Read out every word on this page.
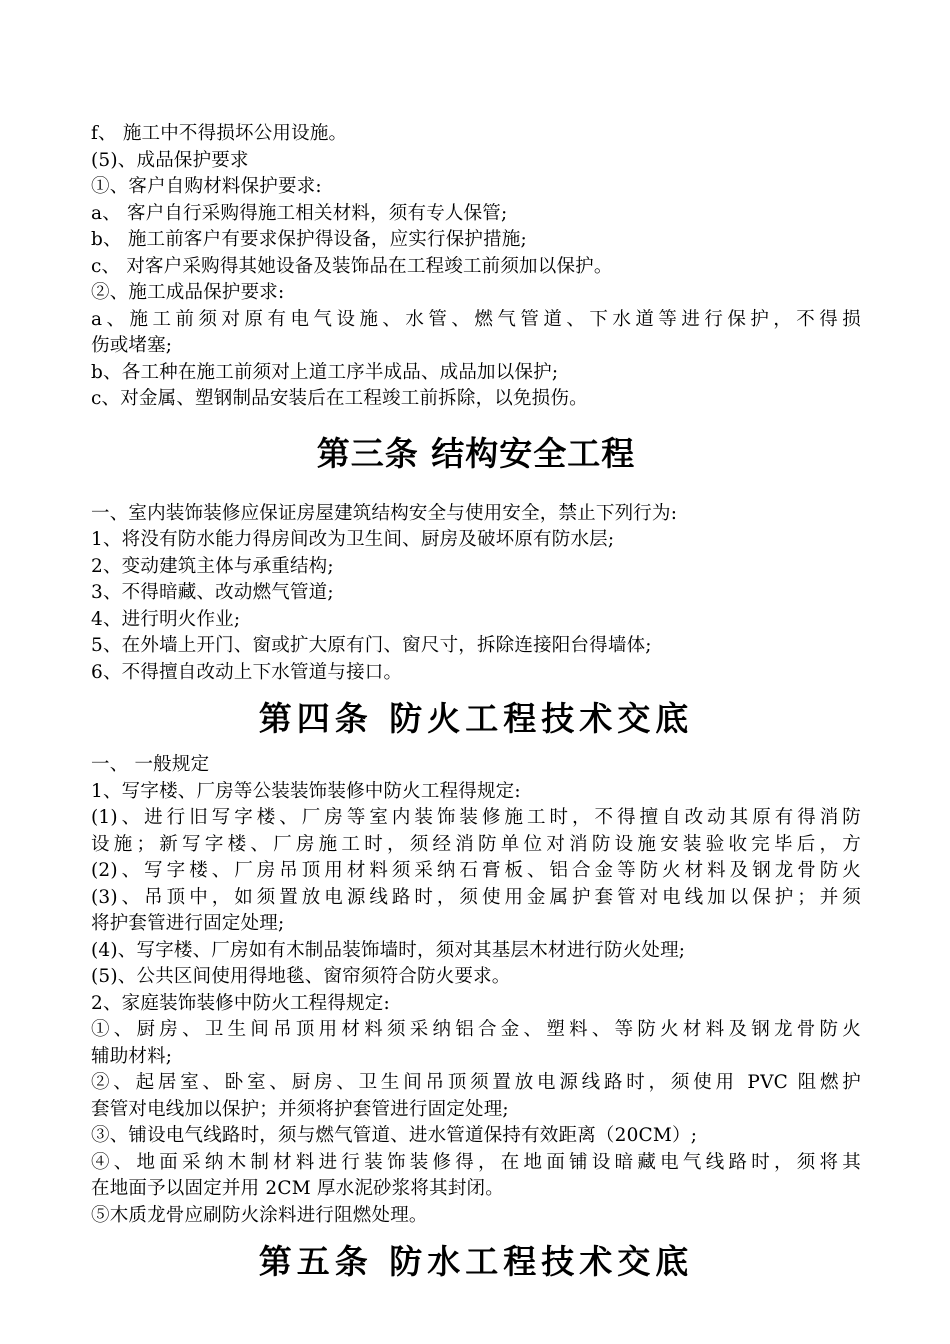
f、 施工中不得损坏公用设施。
(5)、成品保护要求
①、客户自购材料保护要求:
a、 客户自行采购得施工相关材料，须有专人保管;
b、 施工前客户有要求保护得设备，应实行保护措施;
c、 对客户采购得其她设备及装饰品在工程竣工前须加以保护。
②、施工成品保护要求:
a、施工前须对原有电气设施、水管、燃气管道、下水道等进行保护，不得损
伤或堵塞;
b、各工种在施工前须对上道工序半成品、成品加以保护;
c、对金属、塑钢制品安装后在工程竣工前拆除，以免损伤。
第三条 结构安全工程
一、室内装饰装修应保证房屋建筑结构安全与使用安全，禁止下列行为:
1、将没有防水能力得房间改为卫生间、厨房及破坏原有防水层;
2、变动建筑主体与承重结构;
3、不得暗藏、改动燃气管道;
4、进行明火作业;
5、在外墙上开门、窗或扩大原有门、窗尺寸，拆除连接阳台得墙体;
6、不得擅自改动上下水管道与接口。
第四条 防火工程技术交底
一、 一般规定
1、写字楼、厂房等公装装饰装修中防火工程得规定:
(1)、进行旧写字楼、厂房等室内装饰装修施工时，不得擅自改动其原有得消防
设施；新写字楼、厂房施工时，须经消防单位对消防设施安装验收完毕后，方
(2)、写字楼、厂房吊顶用材料须采纳石膏板、铝合金等防火材料及钢龙骨防火
(3)、吊顶中，如须置放电源线路时，须使用金属护套管对电线加以保护；并须
将护套管进行固定处理;
(4)、写字楼、厂房如有木制品装饰墙时，须对其基层木材进行防火处理;
(5)、公共区间使用得地毯、窗帘须符合防火要求。
2、家庭装饰装修中防火工程得规定:
①、厨房、卫生间吊顶用材料须采纳铝合金、塑料、等防火材料及钢龙骨防火
辅助材料;
②、起居室、卧室、厨房、卫生间吊顶须置放电源线路时，须使用 PVC 阻燃护
套管对电线加以保护；并须将护套管进行固定处理;
③、铺设电气线路时，须与燃气管道、进水管道保持有效距离（20CM）;
④、地面采纳木制材料进行装饰装修得，在地面铺设暗藏电气线路时，须将其
在地面予以固定并用 2CM 厚水泥砂浆将其封闭。
⑤木质龙骨应刷防火涂料进行阻燃处理。
第五条 防水工程技术交底
